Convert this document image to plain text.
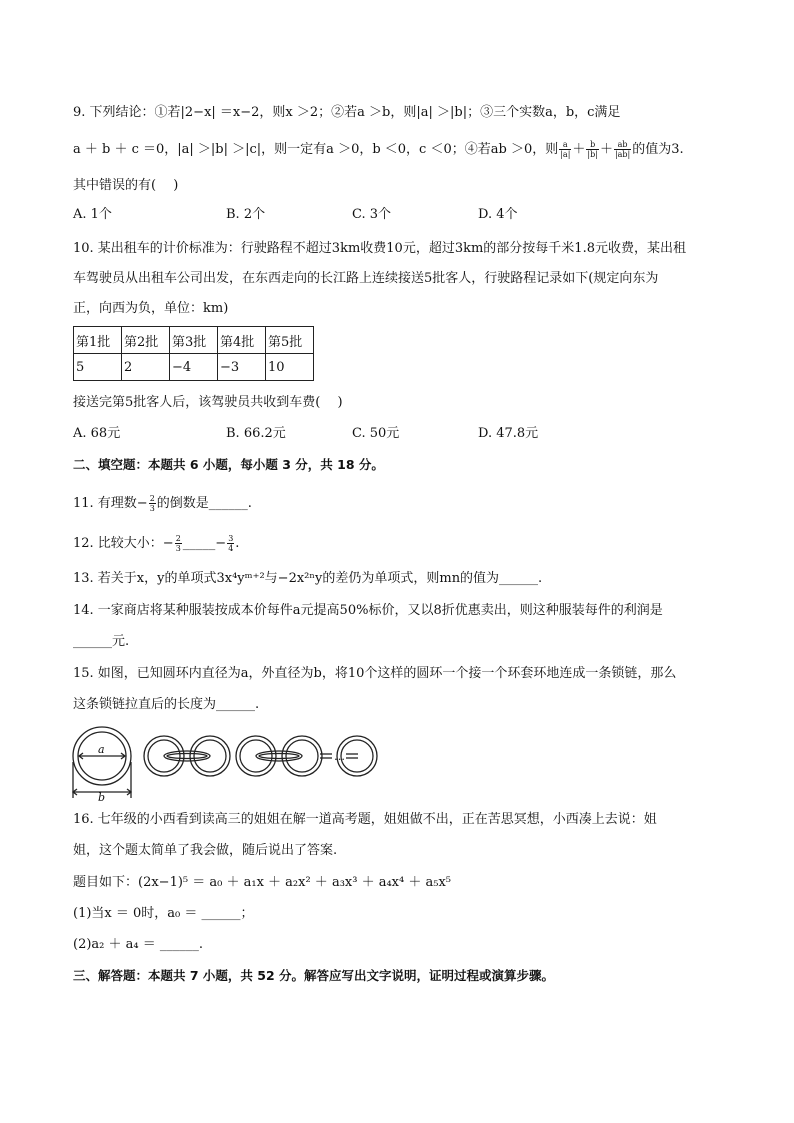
9. 下列结论：①若|2−x| ＝x−2，则x ＞2；②若a ＞b，则|a| ＞|b|；③三个实数a，b，c满足
a ＋ b ＋ c ＝0，|a| ＞|b| ＞|c|，则一定有a ＞0，b ＜0，c ＜0；④若ab ＞0，则 $\frac{a}{|a|} + \frac{b}{|b|} + \frac{ab}{|ab|}$ 的值为3.
其中错误的有(　 )
A. 1个	B. 2个	C. 3个	D. 4个
10. 某出租车的计价标准为：行驶路程不超过3km收费10元，超过3km的部分按每千米1.8元收费，某出租
车驾驶员从出租车公司出发，在东西走向的长江路上连续接送5批客人，行驶路程记录如下(规定向东为
正，向西为负，单位：km)
第1批	第2批	第3批	第4批	第5批
5	2	−4	−3	10
接送完第5批客人后，该驾驶员共收到车费(　 )
A. 68元	B. 66.2元	C. 50元	D. 47.8元
二、填空题：本题共 6 小题，每小题 3 分，共 18 分。
11. 有理数− $\frac{2}{3}$ 的倒数是______.
12. 比较大小：− $\frac{2}{3}$ _____− $\frac{3}{4}$ .
13. 若关于x，y的单项式3x⁴yᵐ⁺²与−2x²ⁿy的差仍为单项式，则mn的值为______.
14. 一家商店将某种服装按成本价每件a元提高50%标价，又以8折优惠卖出，则这种服装每件的利润是
______元.
15. 如图，已知圆环内直径为a，外直径为b，将10个这样的圆环一个接一个环套环地连成一条锁链，那么
这条锁链拉直后的长度为______.
a
b
…
16. 七年级的小西看到读高三的姐姐在解一道高考题，姐姐做不出，正在苦思冥想，小西凑上去说：姐
姐，这个题太简单了我会做，随后说出了答案.
题目如下：(2x−1)⁵ ＝ a₀ ＋ a₁x ＋ a₂x² ＋ a₃x³ ＋ a₄x⁴ ＋ a₅x⁵
(1)当x ＝ 0时，a₀ ＝ ______；
(2)a₂ ＋ a₄ ＝ ______.
三、解答题：本题共 7 小题，共 52 分。解答应写出文字说明，证明过程或演算步骤。
